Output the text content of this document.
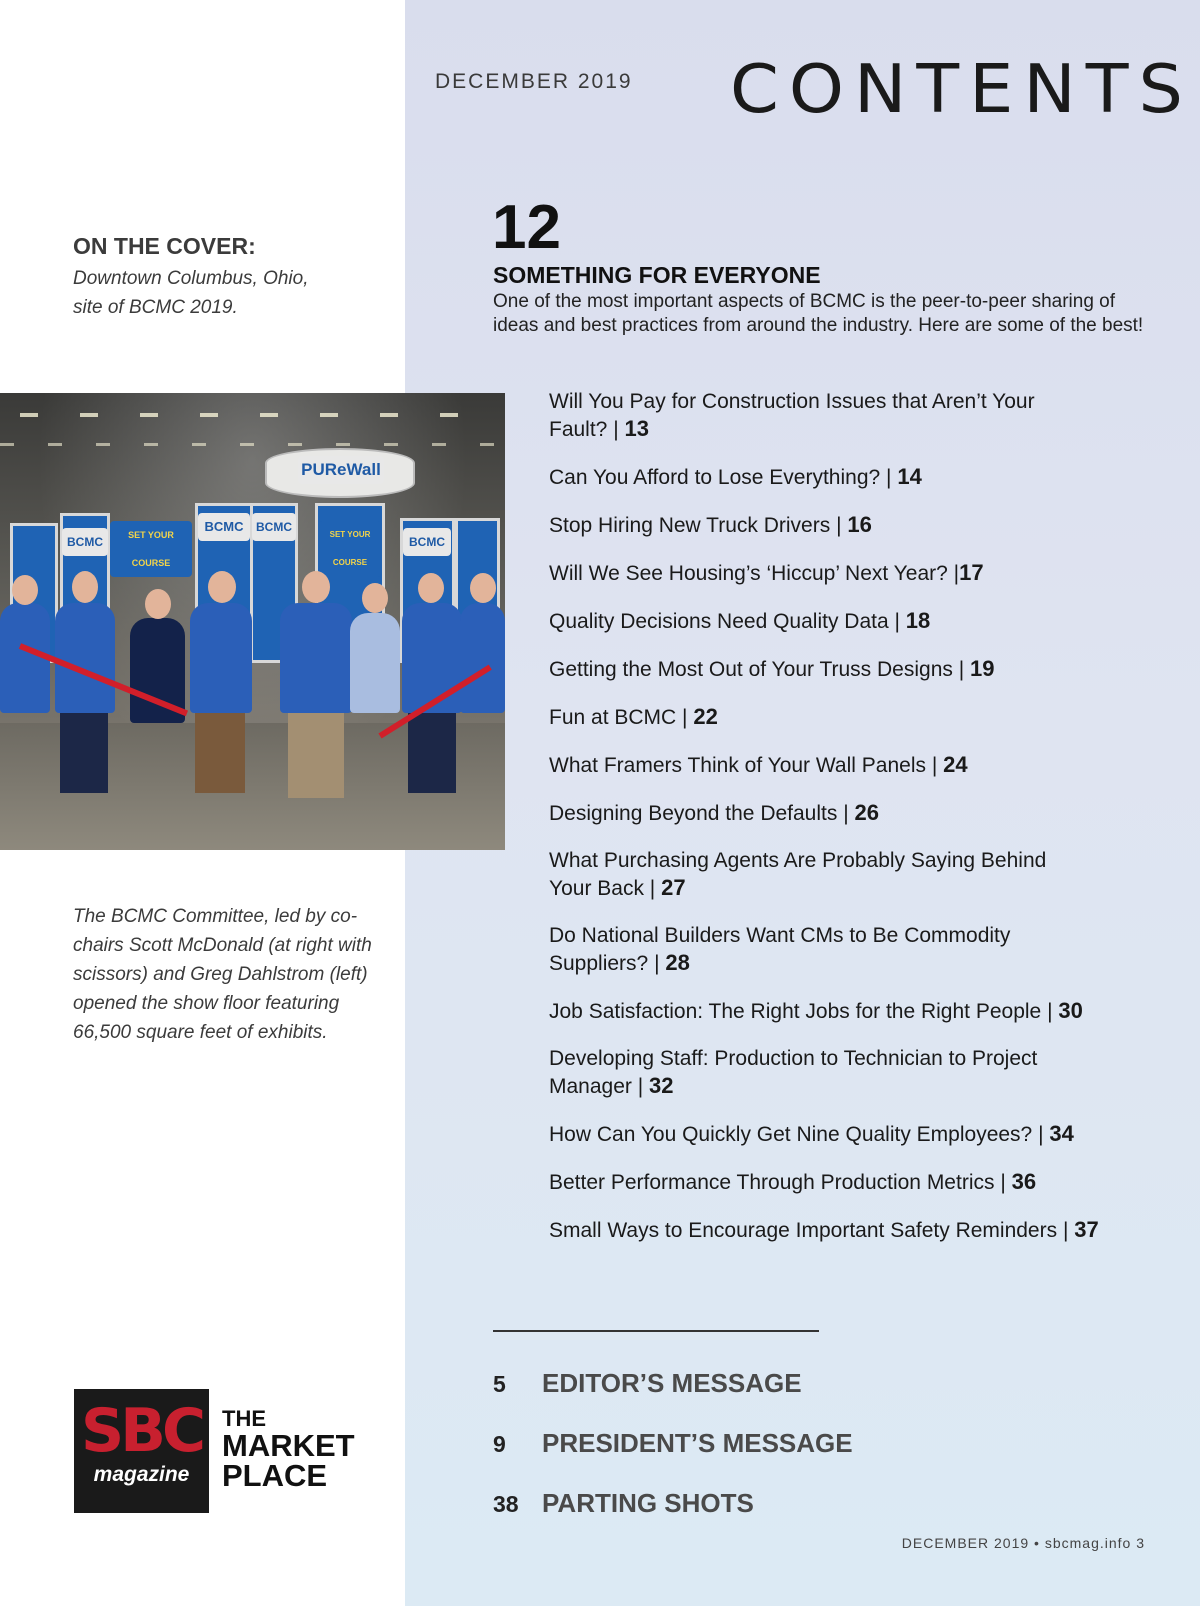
DECEMBER 2019 CONTENTS
ON THE COVER:
Downtown Columbus, Ohio,
site of BCMC 2019.
PUReWall
BCMC
BCMC
SET YOUR COURSE
BCMC
SET YOUR COURSE
BCMC
The BCMC Committee, led by co-chairs Scott McDonald (at right with scissors) and Greg Dahlstrom (left) opened the show floor featuring 66,500 square feet of exhibits.
12
SOMETHING FOR EVERYONE
One of the most important aspects of BCMC is the peer-to-peer sharing of ideas and best practices from around the industry. Here are some of the best!
Will You Pay for Construction Issues that Aren’t Your Fault? | 13
Can You Afford to Lose Everything? | 14
Stop Hiring New Truck Drivers | 16
Will We See Housing’s ‘Hiccup’ Next Year? |17
Quality Decisions Need Quality Data | 18
Getting the Most Out of Your Truss Designs | 19
Fun at BCMC | 22
What Framers Think of Your Wall Panels | 24
Designing Beyond the Defaults | 26
What Purchasing Agents Are Probably Saying Behind Your Back | 27
Do National Builders Want CMs to Be Commodity Suppliers? | 28
Job Satisfaction: The Right Jobs for the Right People | 30
Developing Staff: Production to Technician to Project Manager | 32
How Can You Quickly Get Nine Quality Employees? | 34
Better Performance Through Production Metrics | 36
Small Ways to Encourage Important Safety Reminders | 37
5 EDITOR’S MESSAGE
9 PRESIDENT’S MESSAGE
38 PARTING SHOTS
SBC
magazine
THE
MARKET
PLACE
DECEMBER 2019 • sbcmag.info 3
